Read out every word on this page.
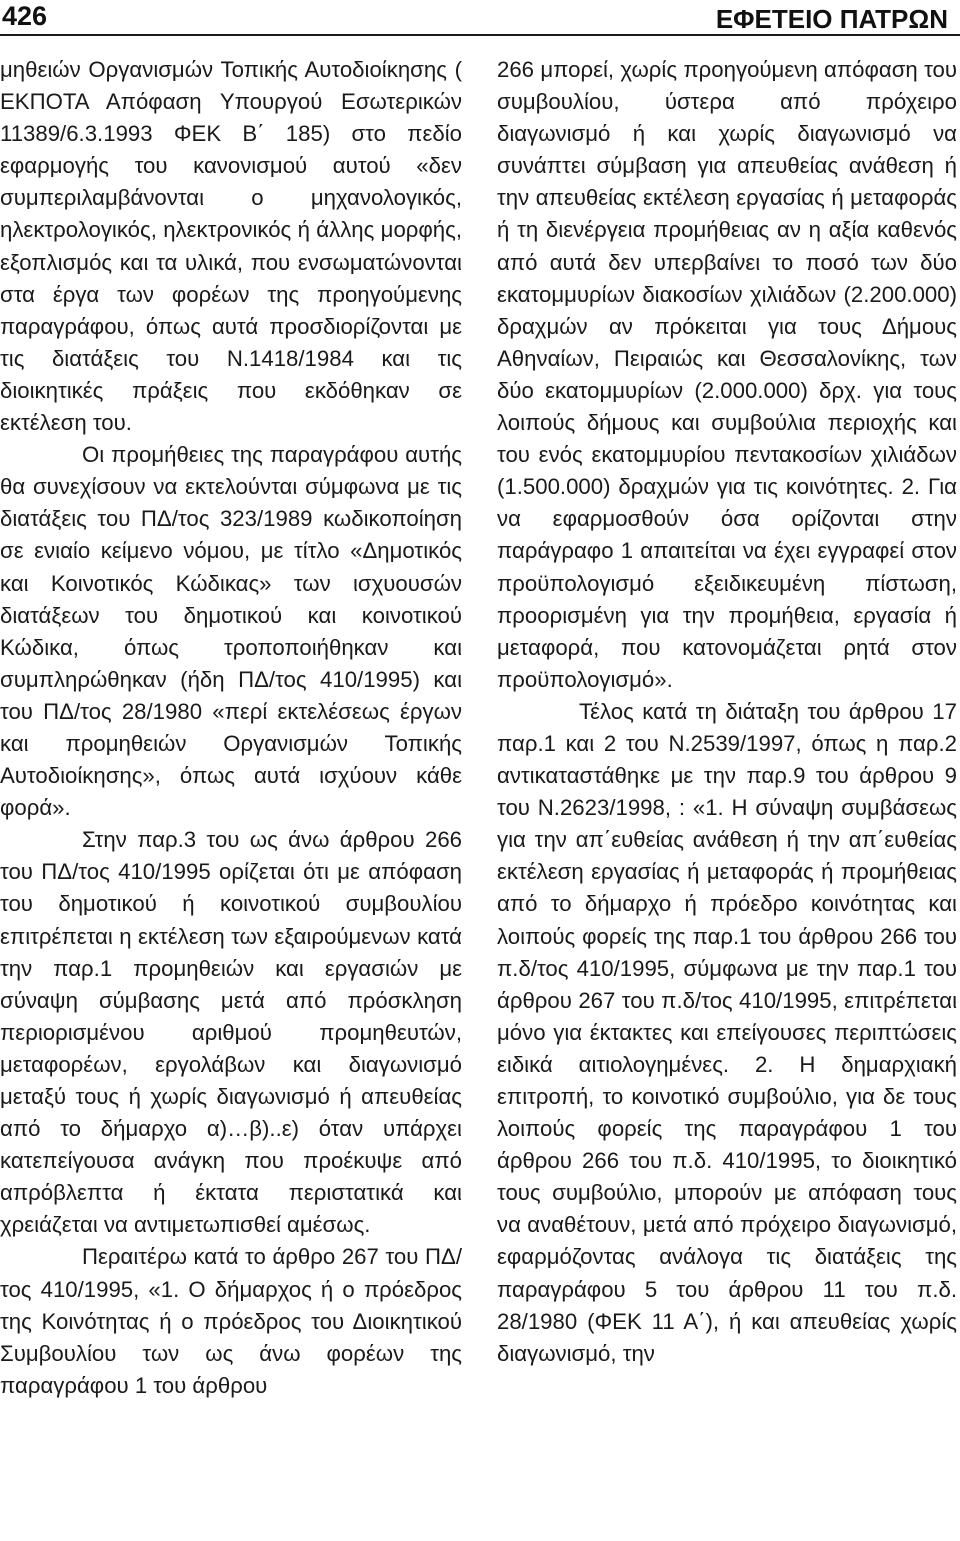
426	ΕΦΕΤΕΙΟ ΠΑΤΡΩΝ

μηθειών Οργανισμών Τοπικής Αυτοδιοίκησης ( ΕΚΠΟΤΑ Απόφαση Υπουργού Εσωτερικών 11389/6.3.1993 ΦΕΚ Β΄ 185) στο πεδίο εφαρμογής του κανονισμού αυτού «δεν συμπεριλαμβάνονται ο μηχανολογικός, ηλεκτρολογικός, ηλεκτρονικός ή άλλης μορφής, εξοπλισμός και τα υλικά, που ενσωματώνονται στα έργα των φορέων της προηγούμενης παραγράφου, όπως αυτά προσδιορίζονται με τις διατάξεις του Ν.1418/1984 και τις διοικητικές πράξεις που εκδόθηκαν σε εκτέλεση του.

Οι προμήθειες της παραγράφου αυτής θα συνεχίσουν να εκτελούνται σύμφωνα με τις διατάξεις του ΠΔ/τος 323/1989 κωδικοποίηση σε ενιαίο κείμενο νόμου, με τίτλο «Δημοτικός και Κοινοτικός Κώδικας» των ισχυουσών διατάξεων του δημοτικού και κοινοτικού Κώδικα, όπως τροποποιήθηκαν και συμπληρώθηκαν (ήδη ΠΔ/τος 410/1995) και του ΠΔ/τος 28/1980 «περί εκτελέσεως έργων και προμηθειών Οργανισμών Τοπικής Αυτοδιοίκησης», όπως αυτά ισχύουν κάθε φορά».

Στην παρ.3 του ως άνω άρθρου 266 του ΠΔ/τος 410/1995 ορίζεται ότι με απόφαση του δημοτικού ή κοινοτικού συμβουλίου επιτρέπεται η εκτέλεση των εξαιρούμενων κατά την παρ.1 προμηθειών και εργασιών με σύναψη σύμβασης μετά από πρόσκληση περιορισμένου αριθμού προμηθευτών, μεταφορέων, εργολάβων και διαγωνισμό μεταξύ τους ή χωρίς διαγωνισμό ή απευθείας από το δήμαρχο α)…β)..ε) όταν υπάρχει κατεπείγουσα ανάγκη που προέκυψε από απρόβλεπτα ή έκτατα περιστατικά και χρειάζεται να αντιμετωπισθεί αμέσως.

Περαιτέρω κατά το άρθρο 267 του ΠΔ/τος 410/1995, «1. Ο δήμαρχος ή ο πρόεδρος της Κοινότητας ή ο πρόεδρος του Διοικητικού Συμβουλίου των ως άνω φορέων της παραγράφου 1 του άρθρου

266 μπορεί, χωρίς προηγούμενη απόφαση του συμβουλίου, ύστερα από πρόχειρο διαγωνισμό ή και χωρίς διαγωνισμό να συνάπτει σύμβαση για απευθείας ανάθεση ή την απευθείας εκτέλεση εργασίας ή μεταφοράς ή τη διενέργεια προμήθειας αν η αξία καθενός από αυτά δεν υπερβαίνει το ποσό των δύο εκατομμυρίων διακοσίων χιλιάδων (2.200.000) δραχμών αν πρόκειται για τους Δήμους Αθηναίων, Πειραιώς και Θεσσαλονίκης, των δύο εκατομμυρίων (2.000.000) δρχ. για τους λοιπούς δήμους και συμβούλια περιοχής και του ενός εκατομμυρίου πεντακοσίων χιλιάδων (1.500.000) δραχμών για τις κοινότητες. 2. Για να εφαρμοσθούν όσα ορίζονται στην παράγραφο 1 απαιτείται να έχει εγγραφεί στον προϋπολογισμό εξειδικευμένη πίστωση, προορισμένη για την προμήθεια, εργασία ή μεταφορά, που κατονομάζεται ρητά στον προϋπολογισμό».

Τέλος κατά τη διάταξη του άρθρου 17 παρ.1 και 2 του Ν.2539/1997, όπως η παρ.2 αντικαταστάθηκε με την παρ.9 του άρθρου 9 του Ν.2623/1998, : «1. Η σύναψη συμβάσεως για την απ΄ευθείας ανάθεση ή την απ΄ευθείας εκτέλεση εργασίας ή μεταφοράς ή προμήθειας από το δήμαρχο ή πρόεδρο κοινότητας και λοιπούς φορείς της παρ.1 του άρθρου 266 του π.δ/τος 410/1995, σύμφωνα με την παρ.1 του άρθρου 267 του π.δ/τος 410/1995, επιτρέπεται μόνο για έκτακτες και επείγουσες περιπτώσεις ειδικά αιτιολογημένες. 2. Η δημαρχιακή επιτροπή, το κοινοτικό συμβούλιο, για δε τους λοιπούς φορείς της παραγράφου 1 του άρθρου 266 του π.δ. 410/1995, το διοικητικό τους συμβούλιο, μπορούν με απόφαση τους να αναθέτουν, μετά από πρόχειρο διαγωνισμό, εφαρμόζοντας ανάλογα τις διατάξεις της παραγράφου 5 του άρθρου 11 του π.δ. 28/1980 (ΦΕΚ 11 Α΄), ή και απευθείας χωρίς διαγωνισμό, την
